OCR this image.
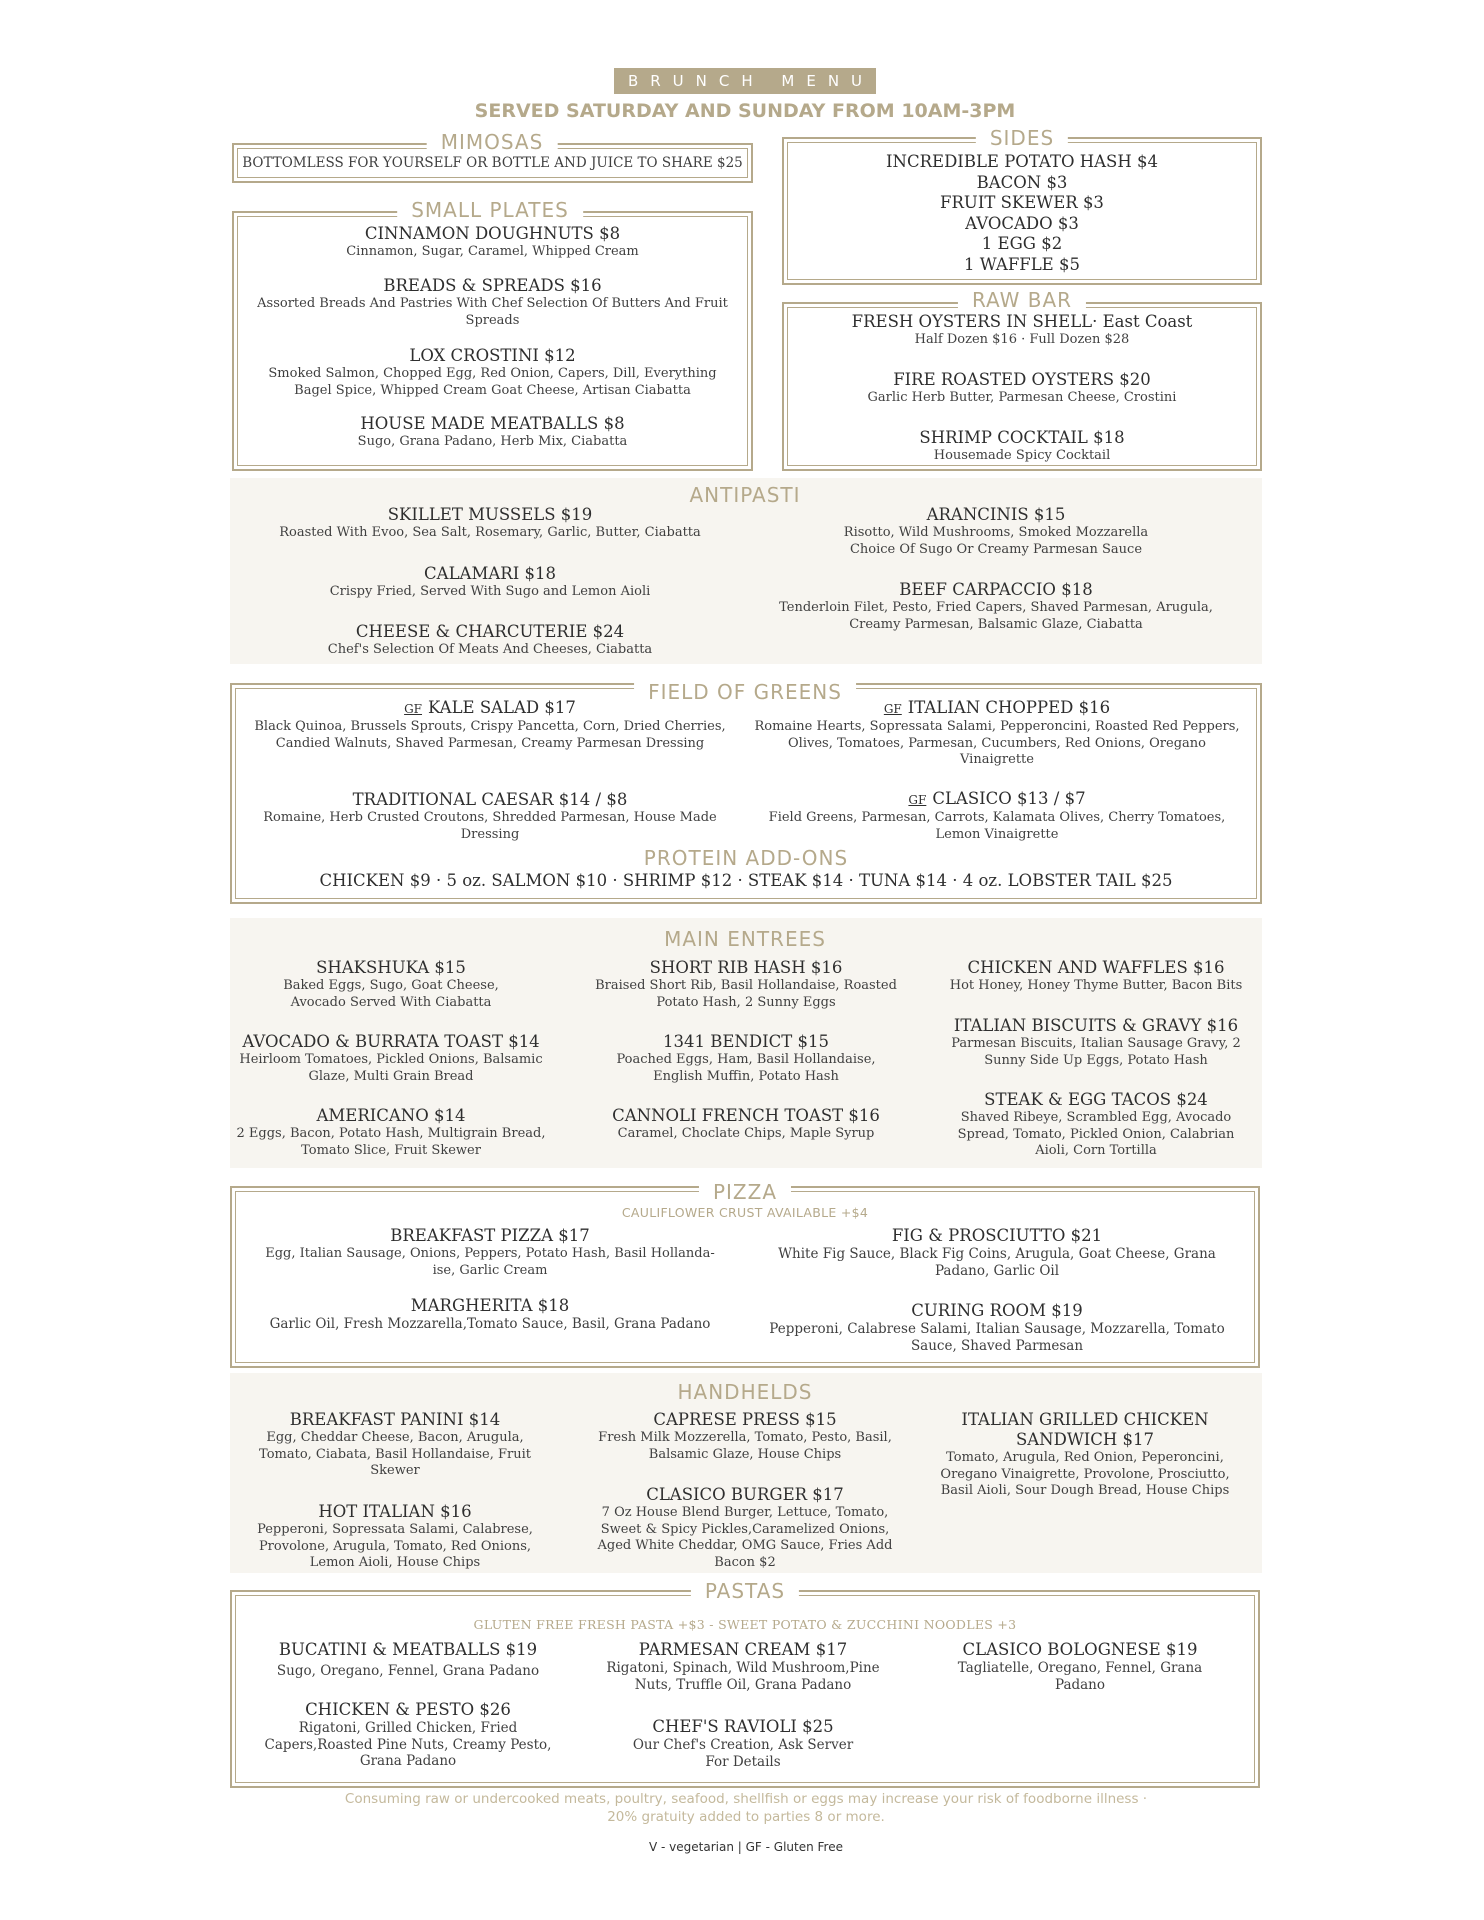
BRUNCH MENU
SERVED SATURDAY AND SUNDAY FROM 10AM-3PM
MIMOSAS
BOTTOMLESS FOR YOURSELF OR BOTTLE AND JUICE TO SHARE $25
SIDES
INCREDIBLE POTATO HASH $4
BACON $3
FRUIT SKEWER $3
AVOCADO $3
1 EGG $2
1 WAFFLE $5
SMALL PLATES
CINNAMON DOUGHNUTS $8
Cinnamon, Sugar, Caramel, Whipped Cream
BREADS & SPREADS $16
Assorted Breads And Pastries With Chef Selection Of Butters And Fruit Spreads
LOX CROSTINI $12
Smoked Salmon, Chopped Egg, Red Onion, Capers, Dill, Everything Bagel Spice, Whipped Cream Goat Cheese, Artisan Ciabatta
HOUSE MADE MEATBALLS $8
Sugo, Grana Padano, Herb Mix, Ciabatta
RAW BAR
FRESH OYSTERS IN SHELL· East Coast
Half Dozen $16 · Full Dozen $28
FIRE ROASTED OYSTERS $20
Garlic Herb Butter, Parmesan Cheese, Crostini
SHRIMP COCKTAIL $18
Housemade Spicy Cocktail
ANTIPASTI
SKILLET MUSSELS $19
Roasted With Evoo, Sea Salt, Rosemary, Garlic, Butter, Ciabatta
CALAMARI $18
Crispy Fried, Served With Sugo and Lemon Aioli
CHEESE & CHARCUTERIE $24
Chef's Selection Of Meats And Cheeses, Ciabatta
ARANCINIS $15
Risotto, Wild Mushrooms, Smoked Mozzarella Choice Of Sugo Or Creamy Parmesan Sauce
BEEF CARPACCIO $18
Tenderloin Filet, Pesto, Fried Capers, Shaved Parmesan, Arugula, Creamy Parmesan, Balsamic Glaze, Ciabatta
FIELD OF GREENS
GF KALE SALAD $17
Black Quinoa, Brussels Sprouts, Crispy Pancetta, Corn, Dried Cherries, Candied Walnuts, Shaved Parmesan, Creamy Parmesan Dressing
GF ITALIAN CHOPPED $16
Romaine Hearts, Sopressata Salami, Pepperoncini, Roasted Red Peppers, Olives, Tomatoes, Parmesan, Cucumbers, Red Onions, Oregano Vinaigrette
TRADITIONAL CAESAR $14 / $8
Romaine, Herb Crusted Croutons, Shredded Parmesan, House Made Dressing
GF CLASICO $13 / $7
Field Greens, Parmesan, Carrots, Kalamata Olives, Cherry Tomatoes, Lemon Vinaigrette
PROTEIN ADD-ONS
CHICKEN $9 · 5 oz. SALMON $10 · SHRIMP $12 · STEAK $14 · TUNA $14 · 4 oz. LOBSTER TAIL $25
MAIN ENTREES
SHAKSHUKA $15
Baked Eggs, Sugo, Goat Cheese, Avocado Served With Ciabatta
AVOCADO & BURRATA TOAST $14
Heirloom Tomatoes, Pickled Onions, Balsamic Glaze, Multi Grain Bread
AMERICANO $14
2 Eggs, Bacon, Potato Hash, Multigrain Bread, Tomato Slice, Fruit Skewer
SHORT RIB HASH $16
Braised Short Rib, Basil Hollandaise, Roasted Potato Hash, 2 Sunny Eggs
1341 BENDICT $15
Poached Eggs, Ham, Basil Hollandaise, English Muffin, Potato Hash
CANNOLI FRENCH TOAST $16
Caramel, Choclate Chips, Maple Syrup
CHICKEN AND WAFFLES $16
Hot Honey, Honey Thyme Butter, Bacon Bits
ITALIAN BISCUITS & GRAVY $16
Parmesan Biscuits, Italian Sausage Gravy, 2 Sunny Side Up Eggs, Potato Hash
STEAK & EGG TACOS $24
Shaved Ribeye, Scrambled Egg, Avocado Spread, Tomato, Pickled Onion, Calabrian Aioli, Corn Tortilla
PIZZA
CAULIFLOWER CRUST AVAILABLE +$4
BREAKFAST PIZZA $17
Egg, Italian Sausage, Onions, Peppers, Potato Hash, Basil Hollanda-ise, Garlic Cream
MARGHERITA $18
Garlic Oil, Fresh Mozzarella,Tomato Sauce, Basil, Grana Padano
FIG & PROSCIUTTO $21
White Fig Sauce, Black Fig Coins, Arugula, Goat Cheese, Grana Padano, Garlic Oil
CURING ROOM $19
Pepperoni, Calabrese Salami, Italian Sausage, Mozzarella, Tomato Sauce, Shaved Parmesan
HANDHELDS
BREAKFAST PANINI $14
Egg, Cheddar Cheese, Bacon, Arugula, Tomato, Ciabata, Basil Hollandaise, Fruit Skewer
HOT ITALIAN $16
Pepperoni, Sopressata Salami, Calabrese, Provolone, Arugula, Tomato, Red Onions, Lemon Aioli, House Chips
CAPRESE PRESS $15
Fresh Milk Mozzerella, Tomato, Pesto, Basil, Balsamic Glaze, House Chips
CLASICO BURGER $17
7 Oz House Blend Burger, Lettuce, Tomato, Sweet & Spicy Pickles,Caramelized Onions, Aged White Cheddar, OMG Sauce, Fries Add Bacon $2
ITALIAN GRILLED CHICKEN SANDWICH $17
Tomato, Arugula, Red Onion, Peperoncini, Oregano Vinaigrette, Provolone, Prosciutto, Basil Aioli, Sour Dough Bread, House Chips
PASTAS
GLUTEN FREE FRESH PASTA +$3 - SWEET POTATO & ZUCCHINI NOODLES +3
BUCATINI & MEATBALLS $19
Sugo, Oregano, Fennel, Grana Padano
CHICKEN & PESTO $26
Rigatoni, Grilled Chicken, Fried Capers,Roasted Pine Nuts, Creamy Pesto, Grana Padano
PARMESAN CREAM $17
Rigatoni, Spinach, Wild Mushroom,Pine Nuts, Truffle Oil, Grana Padano
CHEF'S RAVIOLI $25
Our Chef's Creation, Ask Server For Details
CLASICO BOLOGNESE $19
Tagliatelle, Oregano, Fennel, Grana Padano
Consuming raw or undercooked meats, poultry, seafood, shellfish or eggs may increase your risk of foodborne illness ·
20% gratuity added to parties 8 or more.
V - vegetarian | GF - Gluten Free
